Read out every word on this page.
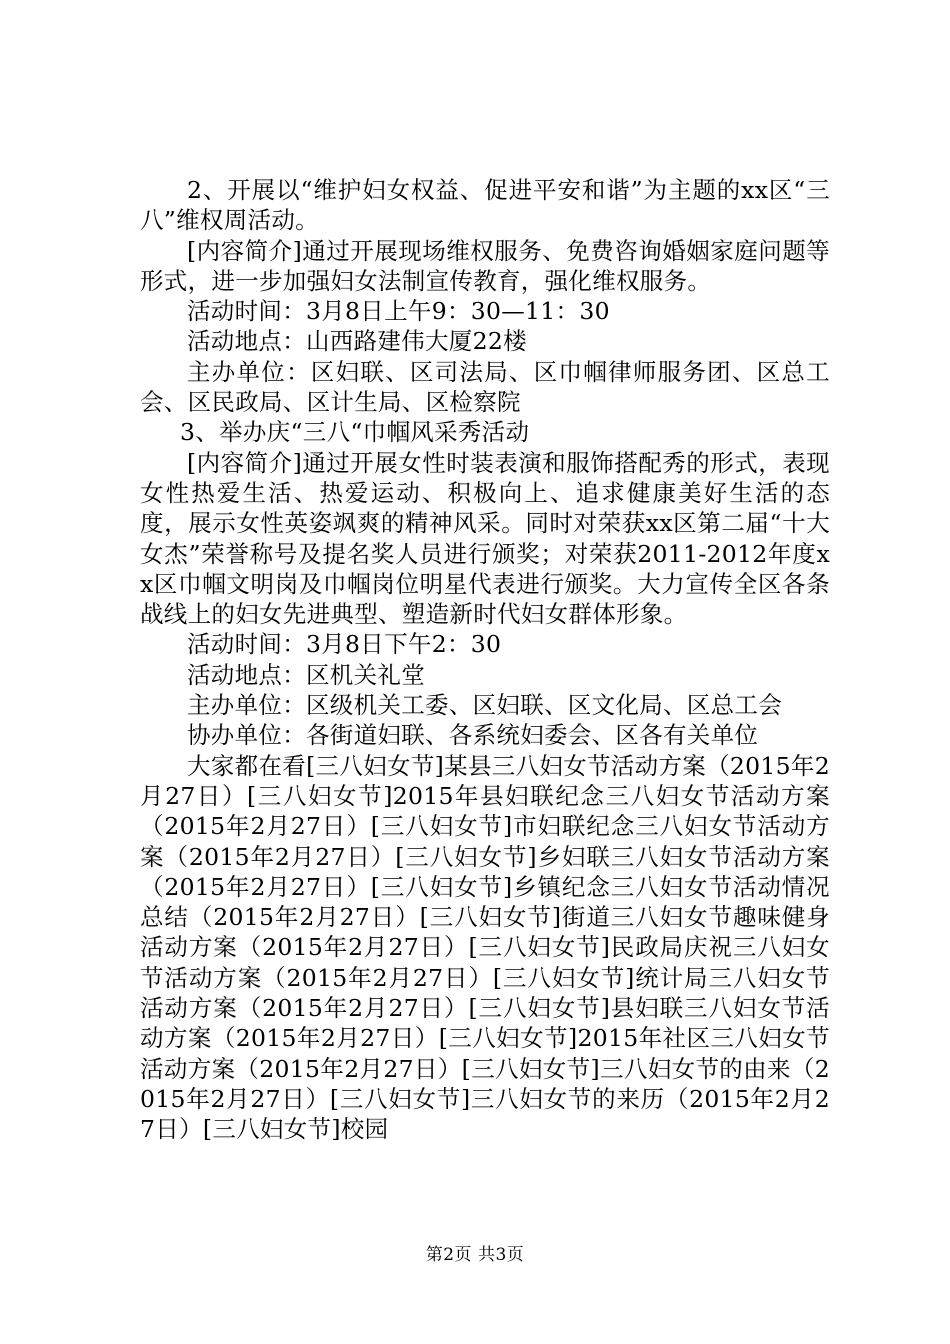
2、开展以“维护妇女权益、促进平安和谐”为主题的xx区“三八”维权周活动。

[内容简介]通过开展现场维权服务、免费咨询婚姻家庭问题等形式，进一步加强妇女法制宣传教育，强化维权服务。

活动时间：3月8日上午9：30—11：30

活动地点：山西路建伟大厦22楼

主办单位：区妇联、区司法局、区巾帼律师服务团、区总工会、区民政局、区计生局、区检察院

3、举办庆“三八“巾帼风采秀活动

[内容简介]通过开展女性时装表演和服饰搭配秀的形式，表现女性热爱生活、热爱运动、积极向上、追求健康美好生活的态度，展示女性英姿飒爽的精神风采。同时对荣获xx区第二届“十大女杰”荣誉称号及提名奖人员进行颁奖；对荣获2011-2012年度xx区巾帼文明岗及巾帼岗位明星代表进行颁奖。大力宣传全区各条战线上的妇女先进典型、塑造新时代妇女群体形象。

活动时间：3月8日下午2：30

活动地点：区机关礼堂

主办单位：区级机关工委、区妇联、区文化局、区总工会

协办单位：各街道妇联、各系统妇委会、区各有关单位

大家都在看[三八妇女节]某县三八妇女节活动方案（2015年2月27日）[三八妇女节]2015年县妇联纪念三八妇女节活动方案（2015年2月27日）[三八妇女节]市妇联纪念三八妇女节活动方案（2015年2月27日）[三八妇女节]乡妇联三八妇女节活动方案（2015年2月27日）[三八妇女节]乡镇纪念三八妇女节活动情况总结（2015年2月27日）[三八妇女节]街道三八妇女节趣味健身活动方案（2015年2月27日）[三八妇女节]民政局庆祝三八妇女节活动方案（2015年2月27日）[三八妇女节]统计局三八妇女节活动方案（2015年2月27日）[三八妇女节]县妇联三八妇女节活动方案（2015年2月27日）[三八妇女节]2015年社区三八妇女节活动方案（2015年2月27日）[三八妇女节]三八妇女节的由来（2015年2月27日）[三八妇女节]三八妇女节的来历（2015年2月27日）[三八妇女节]校园

第2页 共3页
